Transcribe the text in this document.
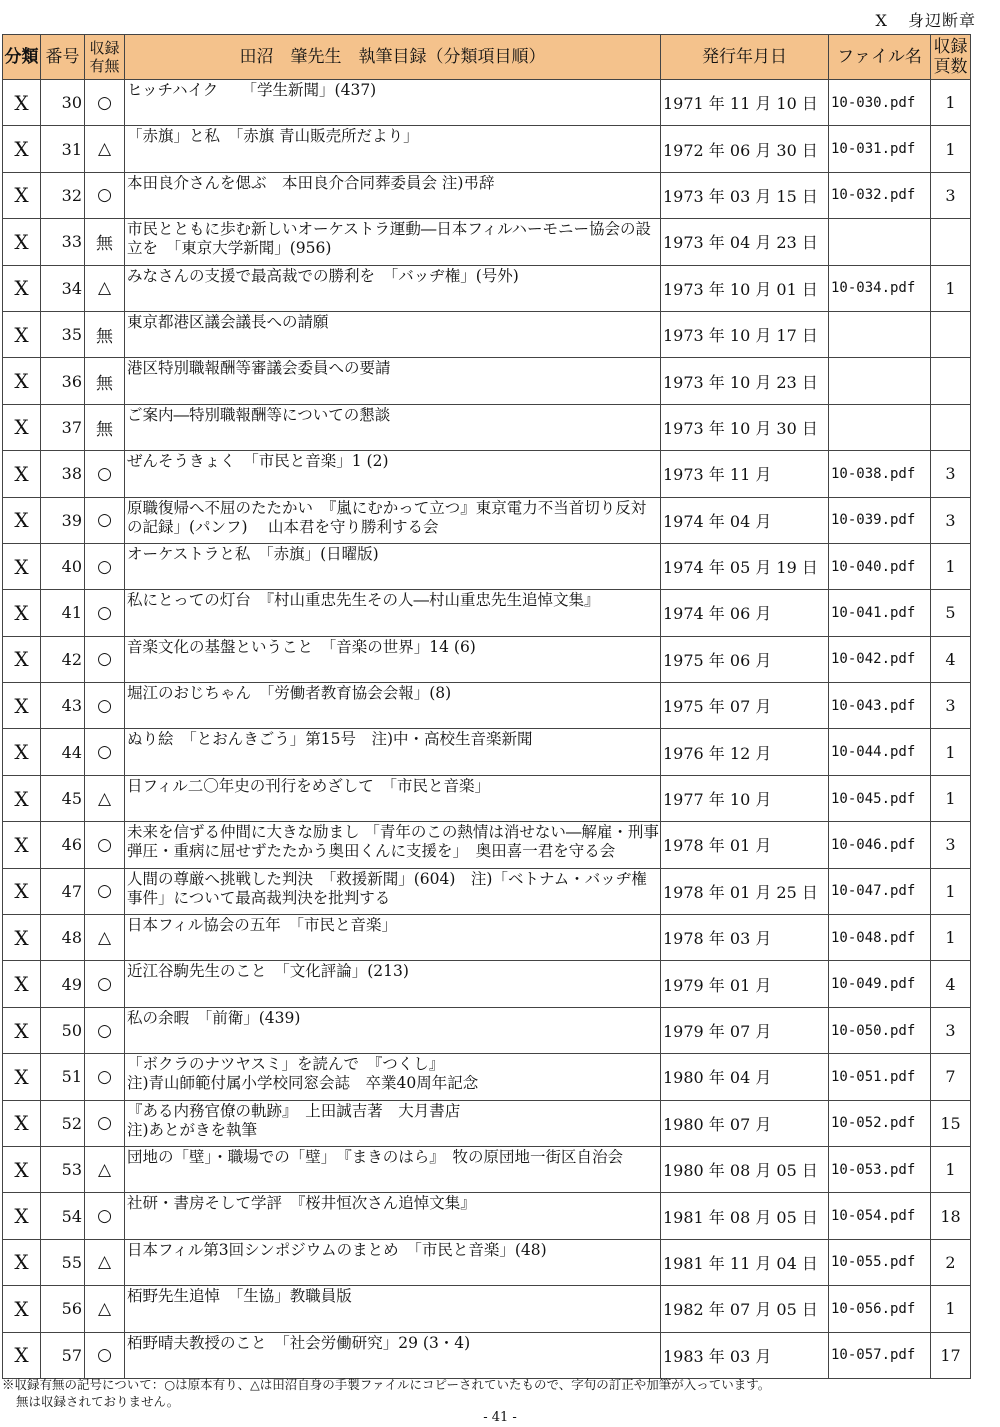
X 身辺断章
分類	番号	収録
有無	田沼　肇先生　執筆目録（分類項目順）	発行年月日	ファイル名	収録
頁数
X	30	○	ヒッチハイク　　「学生新聞」(437)	1971 年 11 月 10 日	10-030.pdf	1
X	31	△	「赤旗」と私　「赤旗 青山販売所だより」	1972 年 06 月 30 日	10-031.pdf	1
X	32	○	本田良介さんを偲ぶ　本田良介合同葬委員会 注)弔辞	1973 年 03 月 15 日	10-032.pdf	3
X	33	無	市民とともに歩む新しいオーケストラ運動―日本フィルハーモニー協会の設立を　「東京大学新聞」(956)	1973 年 04 月 23 日		
X	34	△	みなさんの支援で最高裁での勝利を　「バッヂ権」(号外)	1973 年 10 月 01 日	10-034.pdf	1
X	35	無	東京都港区議会議長への請願	1973 年 10 月 17 日		
X	36	無	港区特別職報酬等審議会委員への要請	1973 年 10 月 23 日		
X	37	無	ご案内―特別職報酬等についての懇談	1973 年 10 月 30 日		
X	38	○	ぜんそうきょく　「市民と音楽」1 (2)	1973 年 11 月	10-038.pdf	3
X	39	○	原職復帰へ不屈のたたかい　『嵐にむかって立つ』東京電力不当首切り反対の記録」(パンフ)　 山本君を守り勝利する会	1974 年 04 月	10-039.pdf	3
X	40	○	オーケストラと私　「赤旗」(日曜版)	1974 年 05 月 19 日	10-040.pdf	1
X	41	○	私にとっての灯台　『村山重忠先生その人―村山重忠先生追悼文集』	1974 年 06 月	10-041.pdf	5
X	42	○	音楽文化の基盤ということ　「音楽の世界」14 (6)	1975 年 06 月	10-042.pdf	4
X	43	○	堀江のおじちゃん　「労働者教育協会会報」(8)	1975 年 07 月	10-043.pdf	3
X	44	○	ぬり絵　「とおんきごう」第15号　注)中・高校生音楽新聞	1976 年 12 月	10-044.pdf	1
X	45	△	日フィル二〇年史の刊行をめざして　「市民と音楽」	1977 年 10 月	10-045.pdf	1
X	46	○	未来を信ずる仲間に大きな励まし 「青年のこの熱情は消せない―解雇・刑事弾圧・重病に屈せずたたかう奥田くんに支援を」　奥田喜一君を守る会	1978 年 01 月	10-046.pdf	3
X	47	○	人間の尊厳へ挑戦した判決　「救援新聞」(604)　注)「ベトナム・バッヂ権事件」について最高裁判決を批判する	1978 年 01 月 25 日	10-047.pdf	1
X	48	△	日本フィル協会の五年　「市民と音楽」	1978 年 03 月	10-048.pdf	1
X	49	○	近江谷駒先生のこと　「文化評論」(213)	1979 年 01 月	10-049.pdf	4
X	50	○	私の余暇　「前衛」(439)	1979 年 07 月	10-050.pdf	3
X	51	○	「ボクラのナツヤスミ」を読んで　『つくし』
注)青山師範付属小学校同窓会誌　卒業40周年記念	1980 年 04 月	10-051.pdf	7
X	52	○	『ある内務官僚の軌跡』　上田誠吉著　大月書店
注)あとがきを執筆	1980 年 07 月	10-052.pdf	15
X	53	△	団地の「壁」・職場での「壁」　『まきのはら』　牧の原団地一街区自治会	1980 年 08 月 05 日	10-053.pdf	1
X	54	○	社研・書房そして学評　『桜井恒次さん追悼文集』	1981 年 08 月 05 日	10-054.pdf	18
X	55	△	日本フィル第3回シンポジウムのまとめ　「市民と音楽」(48)	1981 年 11 月 04 日	10-055.pdf	2
X	56	△	栢野先生追悼　「生協」教職員版	1982 年 07 月 05 日	10-056.pdf	1
X	57	○	栢野晴夫教授のこと　「社会労働研究」29 (3・4)	1983 年 03 月	10-057.pdf	17
※収録有無の記号について：○は原本有り、△は田沼自身の手製ファイルにコピーされていたもので、字句の訂正や加筆が入っています。
無は収録されておりません。
- 41 -
